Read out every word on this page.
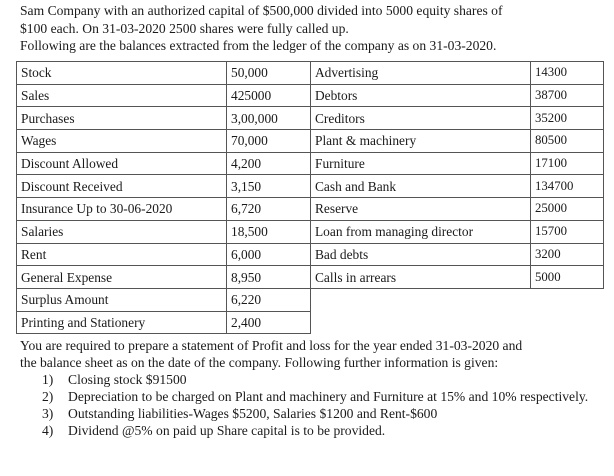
Sam Company with an authorized capital of $500,000 divided into 5000 equity shares of

$100 each. On 31-03-2020 2500 shares were fully called up.

Following are the balances extracted from the ledger of the company as on 31-03-2020.

Stock	50,000	Advertising	14300
Sales	425000	Debtors	38700
Purchases	3,00,000	Creditors	35200
Wages	70,000	Plant & machinery	80500
Discount Allowed	4,200	Furniture	17100
Discount Received	3,150	Cash and Bank	134700
Insurance Up to 30-06-2020	6,720	Reserve	25000
Salaries	18,500	Loan from managing director	15700
Rent	6,000	Bad debts	3200
General Expense	8,950	Calls in arrears	5000
Surplus Amount	6,220		
Printing and Stationery	2,400		

You are required to prepare a statement of Profit and loss for the year ended 31-03-2020 and

the balance sheet as on the date of the company. Following further information is given:

1) Closing stock $91500
2) Depreciation to be charged on Plant and machinery and Furniture at 15% and 10% respectively.
3) Outstanding liabilities-Wages $5200, Salaries $1200 and Rent-$600
4) Dividend @5% on paid up Share capital is to be provided.
